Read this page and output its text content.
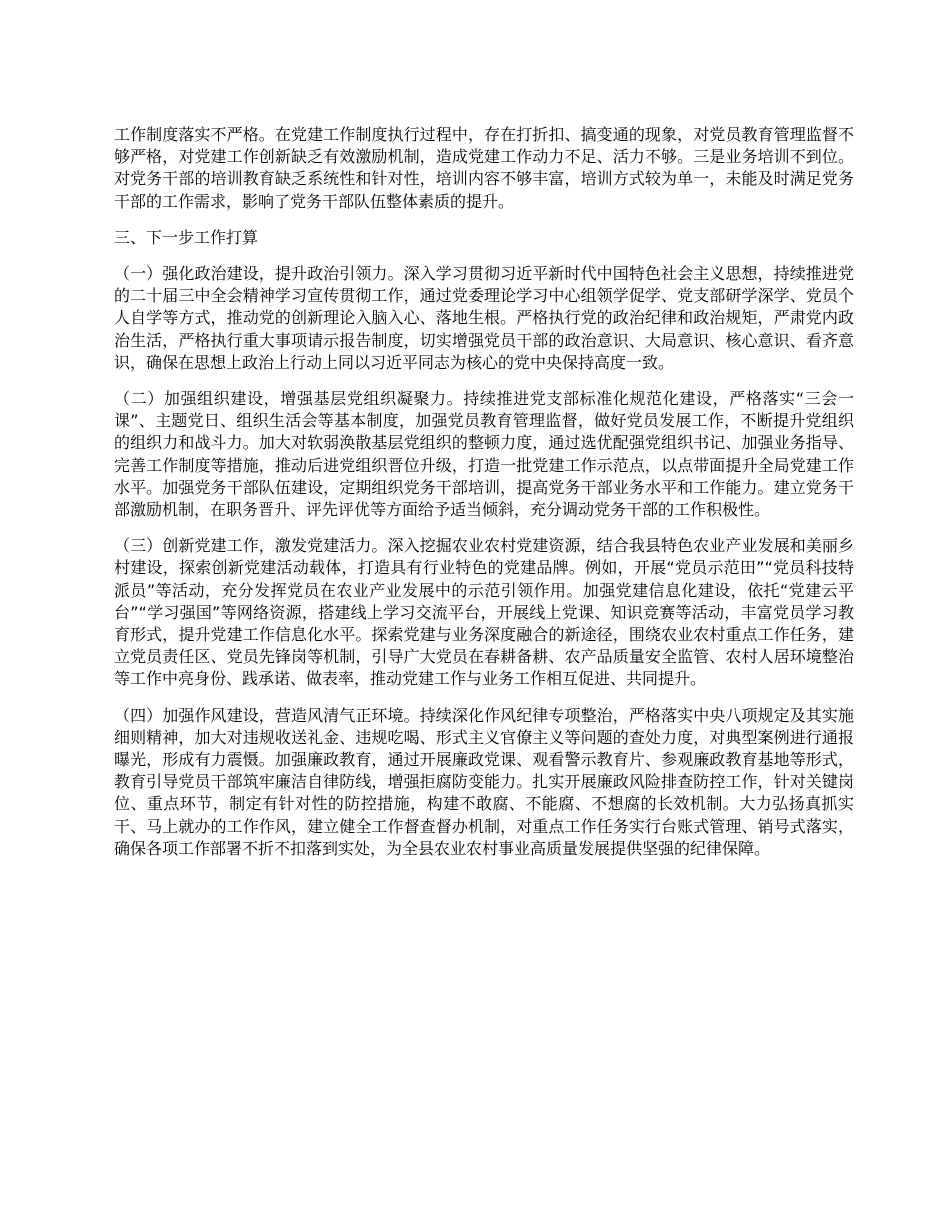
工作制度落实不严格。在党建工作制度执行过程中，存在打折扣、搞变通的现象，对党员教育管理监督不够严格，对党建工作创新缺乏有效激励机制，造成党建工作动力不足、活力不够。三是业务培训不到位。对党务干部的培训教育缺乏系统性和针对性，培训内容不够丰富，培训方式较为单一，未能及时满足党务干部的工作需求，影响了党务干部队伍整体素质的提升。

三、下一步工作打算

（一）强化政治建设，提升政治引领力。深入学习贯彻习近平新时代中国特色社会主义思想，持续推进党的二十届三中全会精神学习宣传贯彻工作，通过党委理论学习中心组领学促学、党支部研学深学、党员个人自学等方式，推动党的创新理论入脑入心、落地生根。严格执行党的政治纪律和政治规矩，严肃党内政治生活，严格执行重大事项请示报告制度，切实增强党员干部的政治意识、大局意识、核心意识、看齐意识，确保在思想上政治上行动上同以习近平同志为核心的党中央保持高度一致。

（二）加强组织建设，增强基层党组织凝聚力。持续推进党支部标准化规范化建设，严格落实“三会一课”、主题党日、组织生活会等基本制度，加强党员教育管理监督，做好党员发展工作，不断提升党组织的组织力和战斗力。加大对软弱涣散基层党组织的整顿力度，通过选优配强党组织书记、加强业务指导、完善工作制度等措施，推动后进党组织晋位升级，打造一批党建工作示范点，以点带面提升全局党建工作水平。加强党务干部队伍建设，定期组织党务干部培训，提高党务干部业务水平和工作能力。建立党务干部激励机制，在职务晋升、评先评优等方面给予适当倾斜，充分调动党务干部的工作积极性。

（三）创新党建工作，激发党建活力。深入挖掘农业农村党建资源，结合我县特色农业产业发展和美丽乡村建设，探索创新党建活动载体，打造具有行业特色的党建品牌。例如，开展“党员示范田”“党员科技特派员”等活动，充分发挥党员在农业产业发展中的示范引领作用。加强党建信息化建设，依托“党建云平台”“学习强国”等网络资源，搭建线上学习交流平台，开展线上党课、知识竞赛等活动，丰富党员学习教育形式，提升党建工作信息化水平。探索党建与业务深度融合的新途径，围绕农业农村重点工作任务，建立党员责任区、党员先锋岗等机制，引导广大党员在春耕备耕、农产品质量安全监管、农村人居环境整治等工作中亮身份、践承诺、做表率，推动党建工作与业务工作相互促进、共同提升。

（四）加强作风建设，营造风清气正环境。持续深化作风纪律专项整治，严格落实中央八项规定及其实施细则精神，加大对违规收送礼金、违规吃喝、形式主义官僚主义等问题的查处力度，对典型案例进行通报曝光，形成有力震慑。加强廉政教育，通过开展廉政党课、观看警示教育片、参观廉政教育基地等形式，教育引导党员干部筑牢廉洁自律防线，增强拒腐防变能力。扎实开展廉政风险排查防控工作，针对关键岗位、重点环节，制定有针对性的防控措施，构建不敢腐、不能腐、不想腐的长效机制。大力弘扬真抓实干、马上就办的工作作风，建立健全工作督查督办机制，对重点工作任务实行台账式管理、销号式落实，确保各项工作部署不折不扣落到实处，为全县农业农村事业高质量发展提供坚强的纪律保障。
